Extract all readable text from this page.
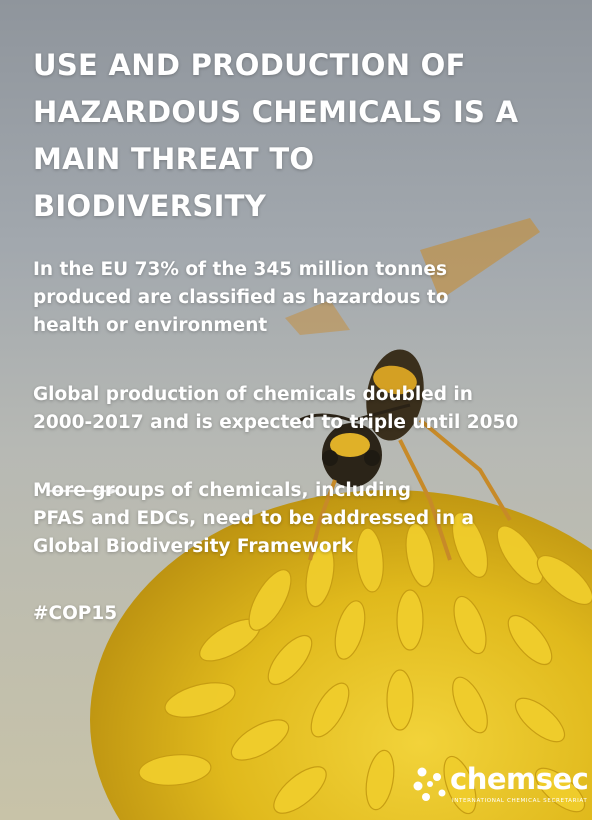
USE AND PRODUCTION OF
HAZARDOUS CHEMICALS IS A
MAIN THREAT TO
BIODIVERSITY

In the EU 73% of the 345 million tonnes
produced are classified as hazardous to
health or environment

Global production of chemicals doubled in
2000-2017 and is expected to triple until 2050

More groups of chemicals, including
PFAS and EDCs, need to be addressed in a
Global Biodiversity Framework

#COP15

chemsec
INTERNATIONAL CHEMICAL SECRETARIAT
